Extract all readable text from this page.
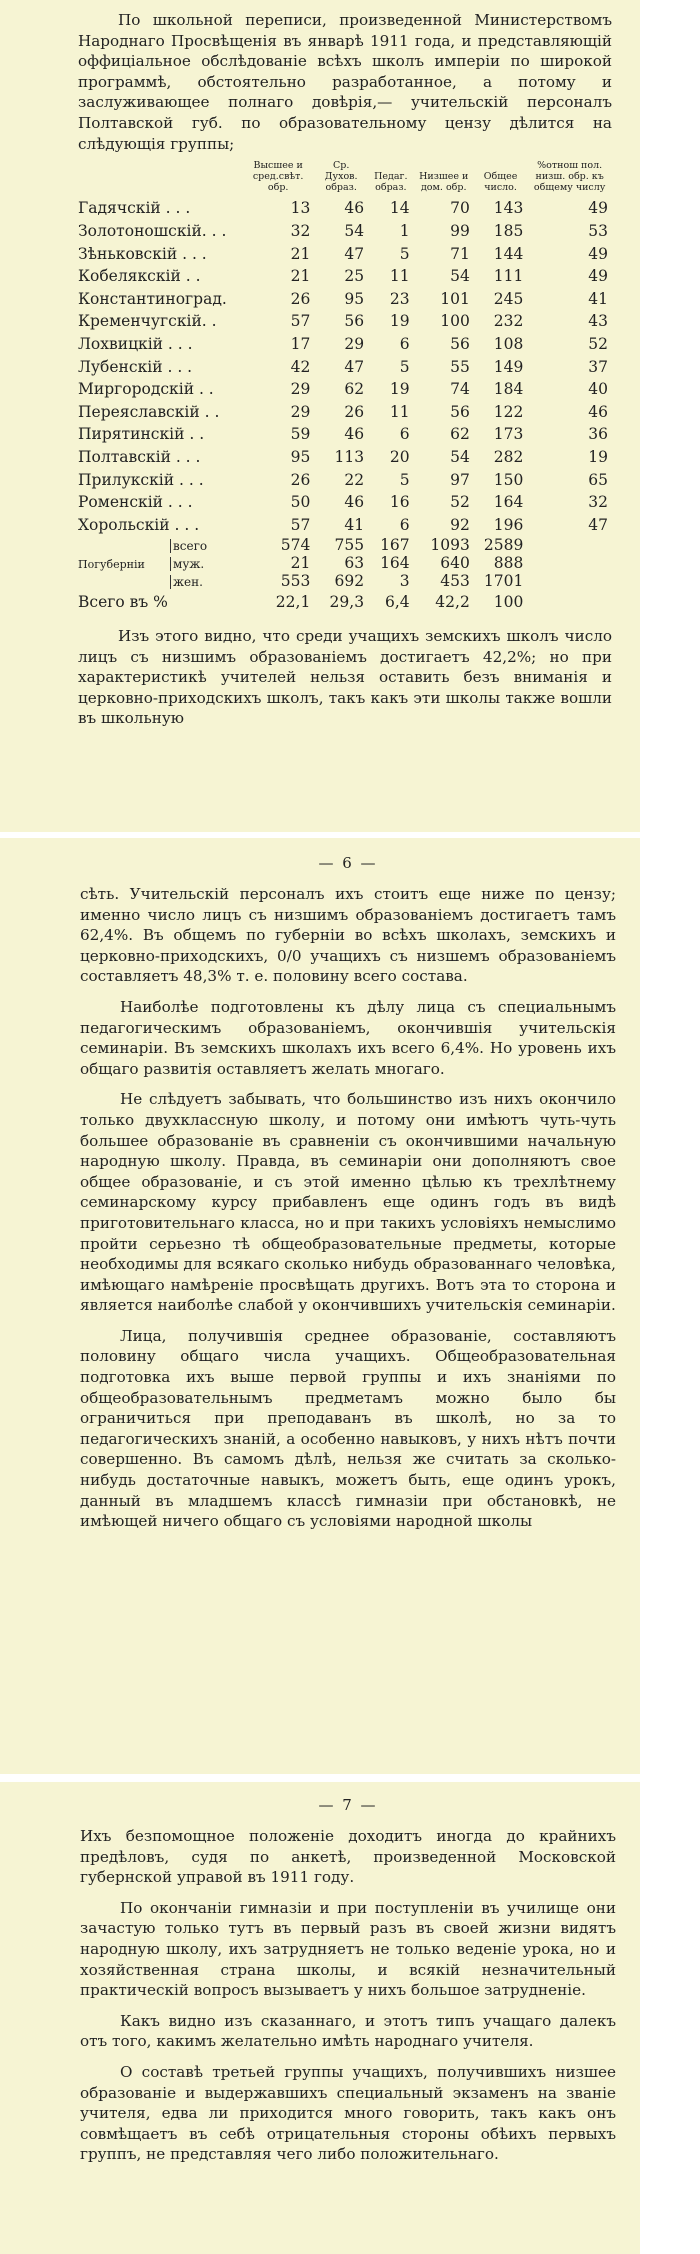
По школьной переписи, произведенной Министерствомъ Народнаго Просвѣщенія въ январѣ 1911 года, и представляющій оффиціальное обслѣдованіе всѣхъ школъ имперіи по широкой программѣ, обстоятельно разработанное, а потому и заслуживающее полнаго довѣрія,— учительскій персоналъ Полтавской губ. по образовательному цензу дѣлится на слѣдующія группы;

	Высшее и сред.свѣт. обр.	Ср. Духов. образ.	Педаг. образ.	Низшее и дом. обр.	Общее число.	%отнош пол. низш. обр. къ общему числу
Гадячскій . . .	13	46	14	70	143	49
Золотоношскій. . .	32	54	1	99	185	53
Зѣньковскій . . .	21	47	5	71	144	49
Кобелякскій . .	21	25	11	54	111	49
Константиноград.	26	95	23	101	245	41
Кременчугскій. .	57	56	19	100	232	43
Лохвицкій . . .	17	29	6	56	108	52
Лубенскій . . .	42	47	5	55	149	37
Миргородскій . .	29	62	19	74	184	40
Переяславскій . .	29	26	11	56	122	46
Пирятинскій . .	59	46	6	62	173	36
Полтавскій . . .	95	113	20	54	282	19
Прилукскій . . .	26	22	5	97	150	65
Роменскій . . .	50	46	16	52	164	32
Хорольскій . . .	57	41	6	92	196	47
всего	574	755	167	1093	2589	
Погуберніи муж.	21	63	164	640	888	
жен.	553	692	3	453	1701	
Всего въ %	22,1	29,3	6,4	42,2	100	

Изъ этого видно, что среди учащихъ земскихъ школъ число лицъ съ низшимъ образованіемъ достигаетъ 42,2%; но при характеристикѣ учителей нельзя оставить безъ вниманія и церковно-приходскихъ школъ, такъ какъ эти школы также вошли въ школьную

— 6 —

сѣть. Учительскій персоналъ ихъ стоитъ еще ниже по цензу; именно число лицъ съ низшимъ образованіемъ достигаетъ тамъ 62,4%. Въ общемъ по губерніи во всѣхъ школахъ, земскихъ и церковно-приходскихъ, 0/0 учащихъ съ низшемъ образованіемъ составляетъ 48,3% т. е. половину всего состава.

Наиболѣе подготовлены къ дѣлу лица съ специальнымъ педагогическимъ образованіемъ, окончившія учительскія семинаріи. Въ земскихъ школахъ ихъ всего 6,4%. Но уровень ихъ общаго развитія оставляетъ желать многаго.

Не слѣдуетъ забывать, что большинство изъ нихъ окончило только двухклассную школу, и потому они имѣютъ чуть-чуть большее образованіе въ сравненіи съ окончившими начальную народную школу. Правда, въ семинаріи они дополняютъ свое общее образованіе, и съ этой именно цѣлью къ трехлѣтнему семинарскому курсу прибавленъ еще одинъ годъ въ видѣ приготовительнаго класса, но и при такихъ условіяхъ немыслимо пройти серьезно тѣ общеобразовательные предметы, которые необходимы для всякаго сколько нибудь образованнаго человѣка, имѣющаго намѣреніе просвѣщать другихъ. Вотъ эта то сторона и является наиболѣе слабой у окончившихъ учительскія семинаріи.

Лица, получившія среднее образованіе, составляютъ половину общаго числа учащихъ. Общеобразовательная подготовка ихъ выше первой группы и ихъ знаніями по общеобразовательнымъ предметамъ можно было бы ограничиться при преподаванъ въ школѣ, но за то педагогическихъ знаній, а особенно навыковъ, у нихъ нѣтъ почти совершенно. Въ самомъ дѣлѣ, нельзя же считать за сколько-нибудь достаточные навыкъ, можетъ быть, еще одинъ урокъ, данный въ младшемъ классѣ гимназіи при обстановкѣ, не имѣющей ничего общаго съ условіями народной школы

— 7 —

Ихъ безпомощное положеніе доходитъ иногда до крайнихъ предѣловъ, судя по анкетѣ, произведенной Московской губернской управой въ 1911 году.

По окончаніи гимназіи и при поступленіи въ училище они зачастую только тутъ въ первый разъ въ своей жизни видятъ народную школу, ихъ затрудняетъ не только веденіе урока, но и хозяйственная страна школы, и всякій незначительный практическій вопросъ вызываетъ у нихъ большое затрудненіе.

Какъ видно изъ сказаннаго, и этотъ типъ учащаго далекъ отъ того, какимъ желательно имѣть народнаго учителя.

О составѣ третьей группы учащихъ, получившихъ низшее образованіе и выдержавшихъ специальный экзаменъ на званіе учителя, едва ли приходится много говорить, такъ какъ онъ совмѣщаетъ въ себѣ отрицательныя стороны обѣихъ первыхъ группъ, не представляя чего либо положительнаго.
